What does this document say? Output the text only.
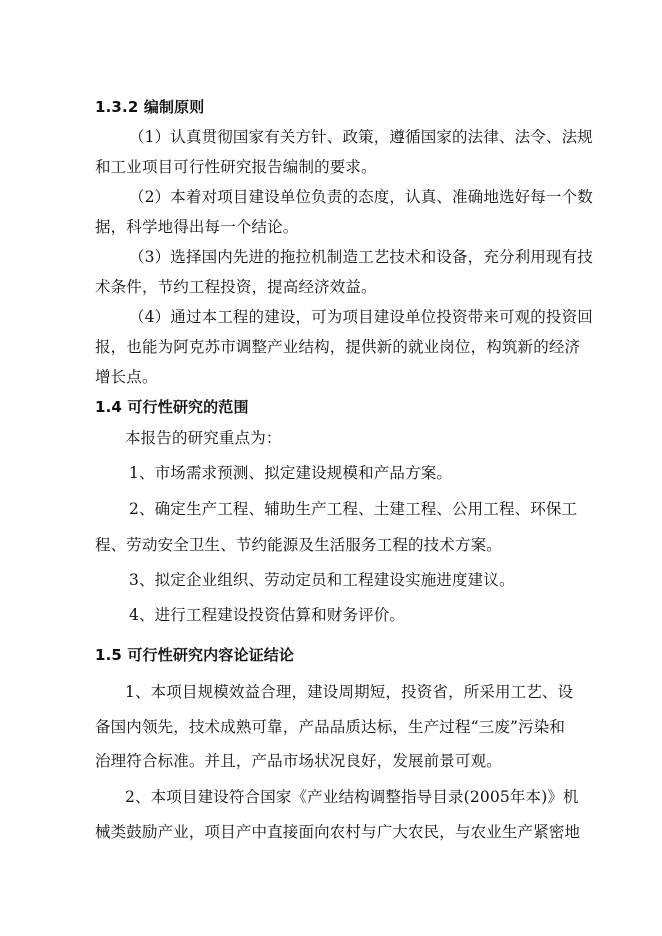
1.3.2 编制原则
（1）认真贯彻国家有关方针、政策，遵循国家的法律、法令、法规
和工业项目可行性研究报告编制的要求。
（2）本着对项目建设单位负责的态度，认真、准确地选好每一个数
据，科学地得出每一个结论。
（3）选择国内先进的拖拉机制造工艺技术和设备，充分利用现有技
术条件，节约工程投资，提高经济效益。
（4）通过本工程的建设，可为项目建设单位投资带来可观的投资回
报，也能为阿克苏市调整产业结构，提供新的就业岗位，构筑新的经济
增长点。
1.4 可行性研究的范围
本报告的研究重点为：
1、市场需求预测、拟定建设规模和产品方案。
2、确定生产工程、辅助生产工程、土建工程、公用工程、环保工
程、劳动安全卫生、节约能源及生活服务工程的技术方案。
3、拟定企业组织、劳动定员和工程建设实施进度建议。
4、进行工程建设投资估算和财务评价。
1.5 可行性研究内容论证结论
1、本项目规模效益合理，建设周期短，投资省，所采用工艺、设
备国内领先，技术成熟可靠，产品品质达标，生产过程“三废”污染和
治理符合标准。并且，产品市场状况良好，发展前景可观。
2、本项目建设符合国家《产业结构调整指导目录(2005年本)》机
械类鼓励产业，项目产中直接面向农村与广大农民，与农业生产紧密地
